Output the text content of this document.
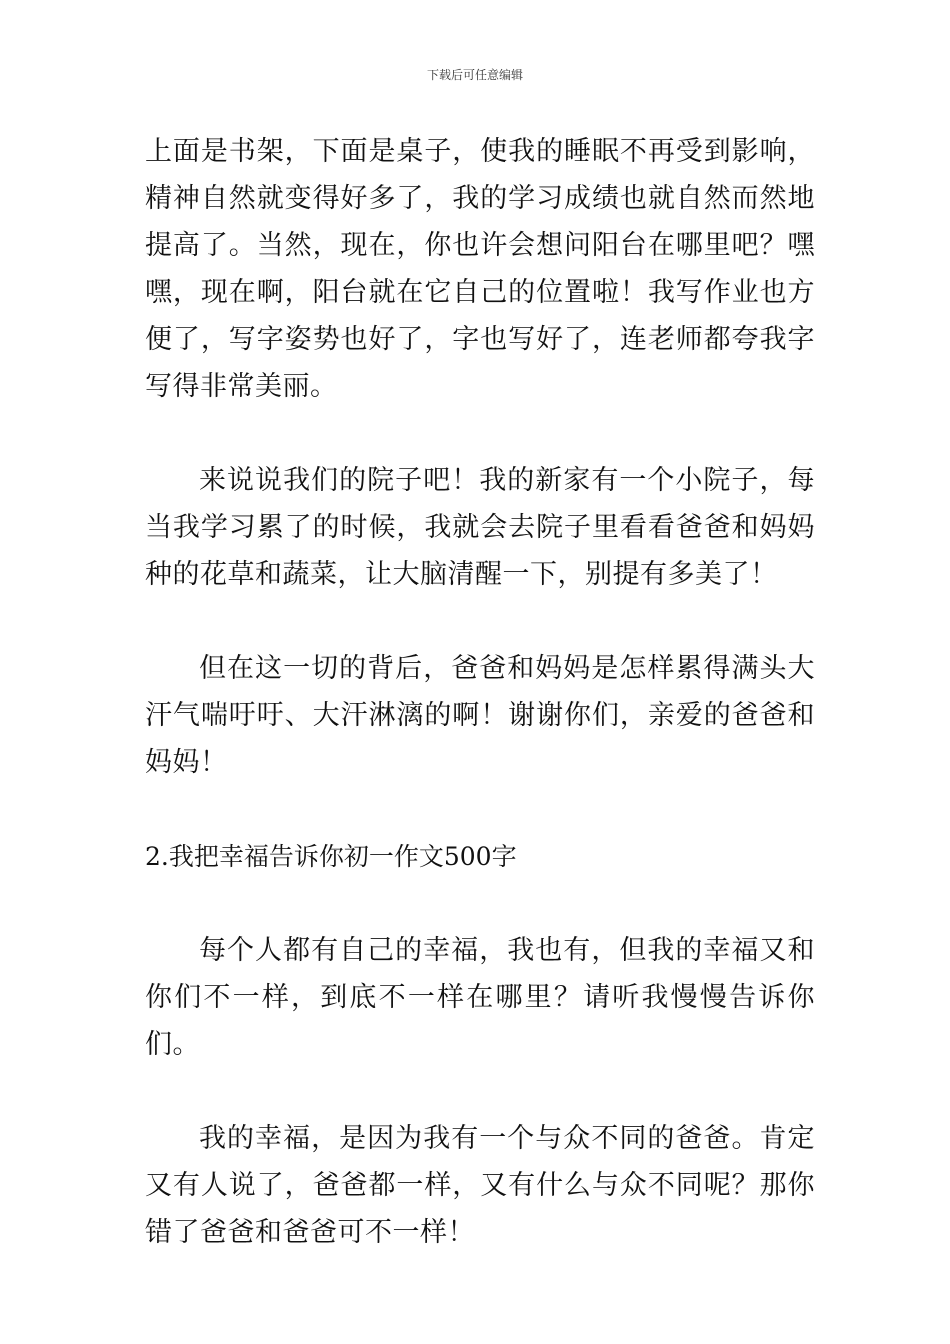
下载后可任意编辑

上面是书架，下面是桌子，使我的睡眠不再受到影响，精神自然就变得好多了，我的学习成绩也就自然而然地提高了。当然，现在，你也许会想问阳台在哪里吧？嘿嘿，现在啊，阳台就在它自己的位置啦！我写作业也方便了，写字姿势也好了，字也写好了，连老师都夸我字写得非常美丽。

来说说我们的院子吧！我的新家有一个小院子，每当我学习累了的时候，我就会去院子里看看爸爸和妈妈种的花草和蔬菜，让大脑清醒一下，别提有多美了！

但在这一切的背后，爸爸和妈妈是怎样累得满头大汗气喘吁吁、大汗淋漓的啊！谢谢你们，亲爱的爸爸和妈妈！

2.我把幸福告诉你初一作文500字

每个人都有自己的幸福，我也有，但我的幸福又和你们不一样，到底不一样在哪里？请听我慢慢告诉你们。

我的幸福，是因为我有一个与众不同的爸爸。肯定又有人说了，爸爸都一样，又有什么与众不同呢？那你错了爸爸和爸爸可不一样！
